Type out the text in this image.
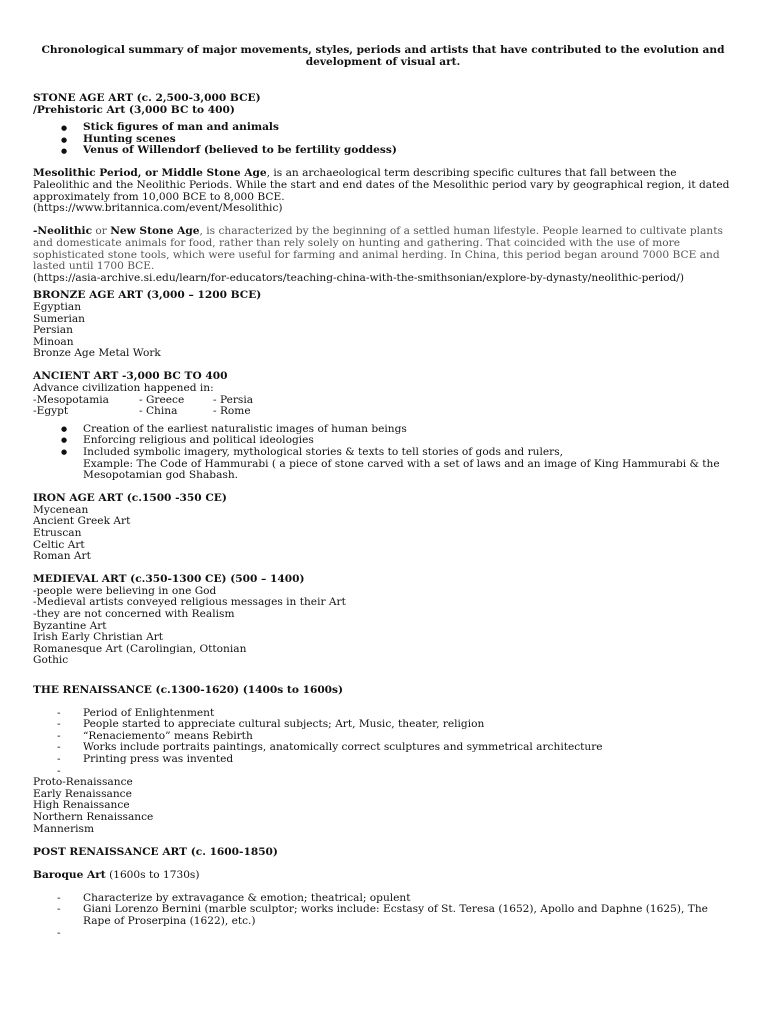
Chronological summary of major movements, styles, periods and artists that have contributed to the evolution and development of visual art.

STONE AGE ART (c. 2,500-3,000 BCE)

/Prehistoric Art (3,000 BC to 400)

● Stick figures of man and animals
● Hunting scenes
● Venus of Willendorf (believed to be fertility goddess)

Mesolithic Period, or Middle Stone Age, is an archaeological term describing specific cultures that fall between the Paleolithic and the Neolithic Periods. While the start and end dates of the Mesolithic period vary by geographical region, it dated approximately from 10,000 BCE to 8,000 BCE.

(https://www.britannica.com/event/Mesolithic)

-Neolithic or New Stone Age, is characterized by the beginning of a settled human lifestyle. People learned to cultivate plants and domesticate animals for food, rather than rely solely on hunting and gathering. That coincided with the use of more sophisticated stone tools, which were useful for farming and animal herding. In China, this period began around 7000 BCE and lasted until 1700 BCE.

(https://asia-archive.si.edu/learn/for-educators/teaching-china-with-the-smithsonian/explore-by-dynasty/neolithic-period/)

BRONZE AGE ART (3,000 – 1200 BCE)

Egyptian

Sumerian

Persian

Minoan

Bronze Age Metal Work

ANCIENT ART -3,000 BC TO 400

Advance civilization happened in:

-Mesopotamia	- Greece	- Persia

-Egypt	- China	- Rome

● Creation of the earliest naturalistic images of human beings
● Enforcing religious and political ideologies
● Included symbolic imagery, mythological stories & texts to tell stories of gods and rulers,

Example: The Code of Hammurabi ( a piece of stone carved with a set of laws and an image of King Hammurabi & the Mesopotamian god Shabash.

IRON AGE ART (c.1500 -350 CE)

Mycenean

Ancient Greek Art

Etruscan

Celtic Art

Roman Art

MEDIEVAL ART (c.350-1300 CE) (500 – 1400)

-people were believing in one God

-Medieval artists conveyed religious messages in their Art

-they are not concerned with Realism

Byzantine Art

Irish Early Christian Art

Romanesque Art (Carolingian, Ottonian

Gothic

THE RENAISSANCE (c.1300-1620) (1400s to 1600s)

- Period of Enlightenment
- People started to appreciate cultural subjects; Art, Music, theater, religion
- “Renaciemento” means Rebirth
- Works include portraits paintings, anatomically correct sculptures and symmetrical architecture
- Printing press was invented
-

Proto-Renaissance

Early Renaissance

High Renaissance

Northern Renaissance

Mannerism

POST RENAISSANCE ART (c. 1600-1850)

Baroque Art (1600s to 1730s)

- Characterize by extravagance & emotion; theatrical; opulent
- Giani Lorenzo Bernini (marble sculptor; works include: Ecstasy of St. Teresa (1652), Apollo and Daphne (1625), The Rape of Proserpina (1622), etc.)
-
